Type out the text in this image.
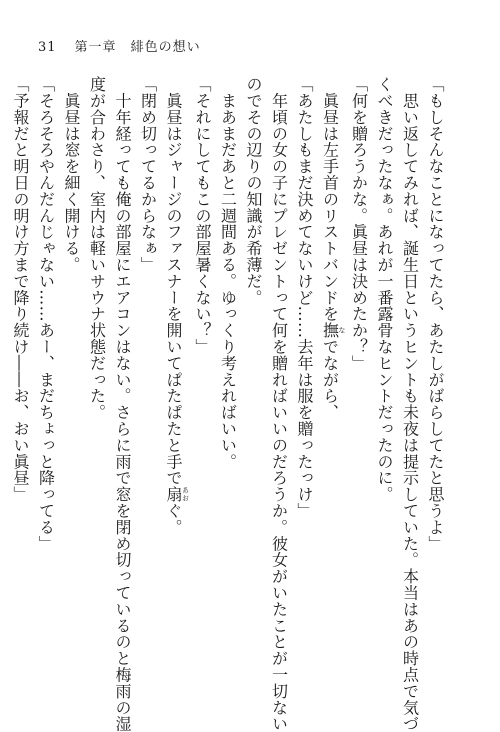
31 第一章　 緋色の想い
「もしそんなことになってたら、あたしがばらしてたと思うよ」
　思い返してみれば、誕生日というヒントも未夜は提示していた。本当はあの時点で気づ
くべきだったなぁ。あれが一番露骨なヒントだったのに。
「何を贈ろうかな。眞昼は決めたか？」
　眞昼は左手首のリストバンドを撫なでながら、
「あたしもまだ決めてないけど……去年は服を贈ったっけ」
　年頃の女の子にプレゼントって何を贈ればいいのだろうか。彼女がいたことが一切ない
のでその辺りの知識が希薄だ。
　まあまだあと二週間ある。ゆっくり考えればいい。
「それにしてもこの部屋暑くない？」
　眞昼はジャージのファスナーを開いてぱたぱたと手で扇あおぐ。
「閉め切ってるからなぁ」
　十年経っても俺の部屋にエアコンはない。さらに雨で窓を閉め切っているのと梅雨の湿
度が合わさり、室内は軽いサウナ状態だった。
　眞昼は窓を細く開ける。
「そろそろやんだんじゃない……あー、まだちょっと降ってる」
「予報だと明日の明け方まで降り続け――お、おい眞昼」
